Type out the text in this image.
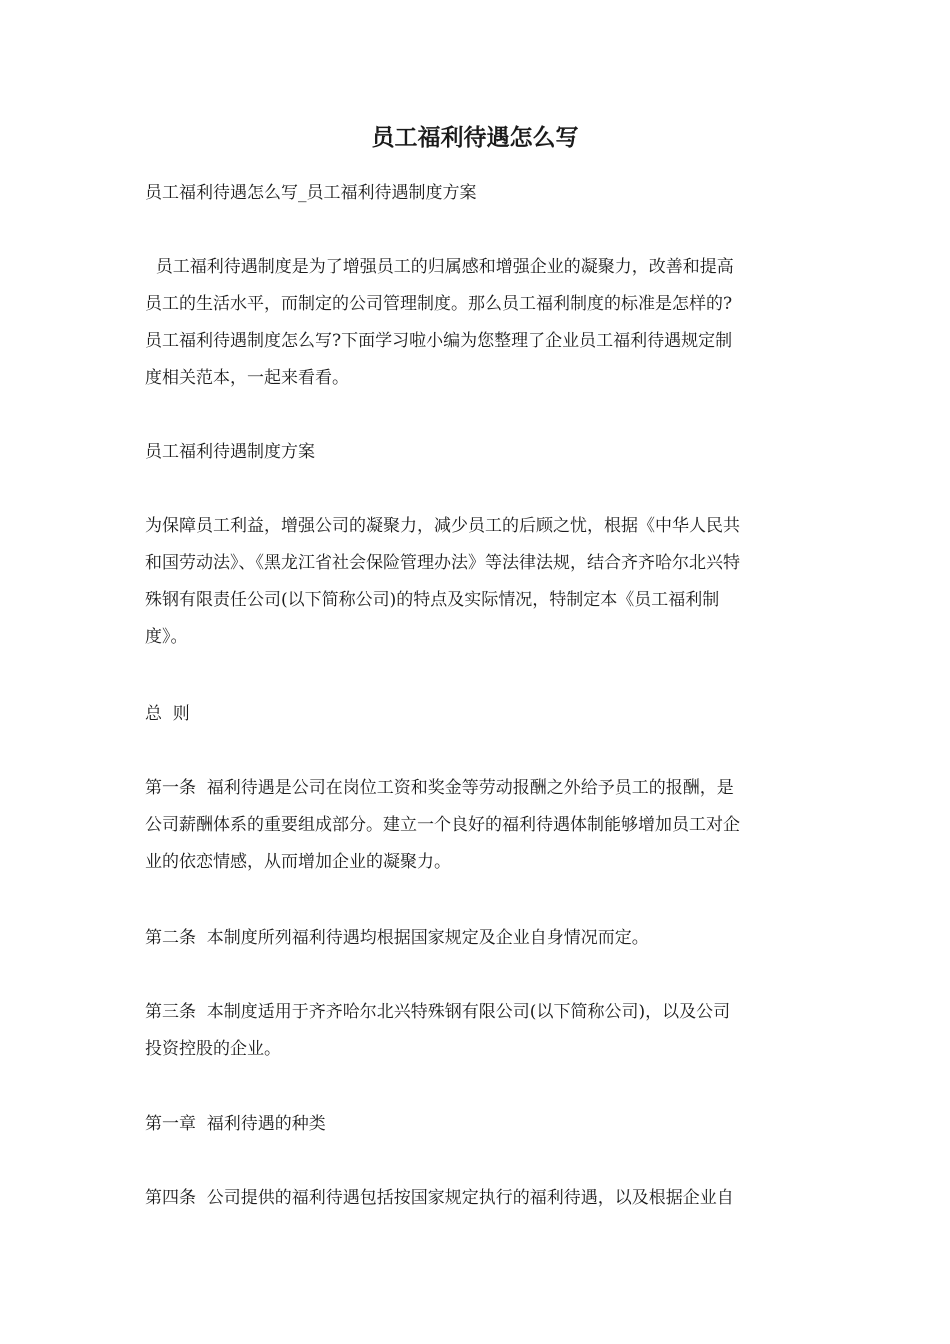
员工福利待遇怎么写

员工福利待遇怎么写_员工福利待遇制度方案

员工福利待遇制度是为了增强员工的归属感和增强企业的凝聚力，改善和提高
员工的生活水平，而制定的公司管理制度。那么员工福利制度的标准是怎样的?
员工福利待遇制度怎么写?下面学习啦小编为您整理了企业员工福利待遇规定制
度相关范本，一起来看看。

员工福利待遇制度方案

为保障员工利益，增强公司的凝聚力，减少员工的后顾之忧，根据《中华人民共
和国劳动法》、《黑龙江省社会保险管理办法》等法律法规，结合齐齐哈尔北兴特
殊钢有限责任公司(以下简称公司)的特点及实际情况，特制定本《员工福利制
度》。

总  则

第一条  福利待遇是公司在岗位工资和奖金等劳动报酬之外给予员工的报酬，是
公司薪酬体系的重要组成部分。建立一个良好的福利待遇体制能够增加员工对企
业的依恋情感，从而增加企业的凝聚力。

第二条  本制度所列福利待遇均根据国家规定及企业自身情况而定。

第三条  本制度适用于齐齐哈尔北兴特殊钢有限公司(以下简称公司)，以及公司
投资控股的企业。

第一章  福利待遇的种类

第四条  公司提供的福利待遇包括按国家规定执行的福利待遇，以及根据企业自
